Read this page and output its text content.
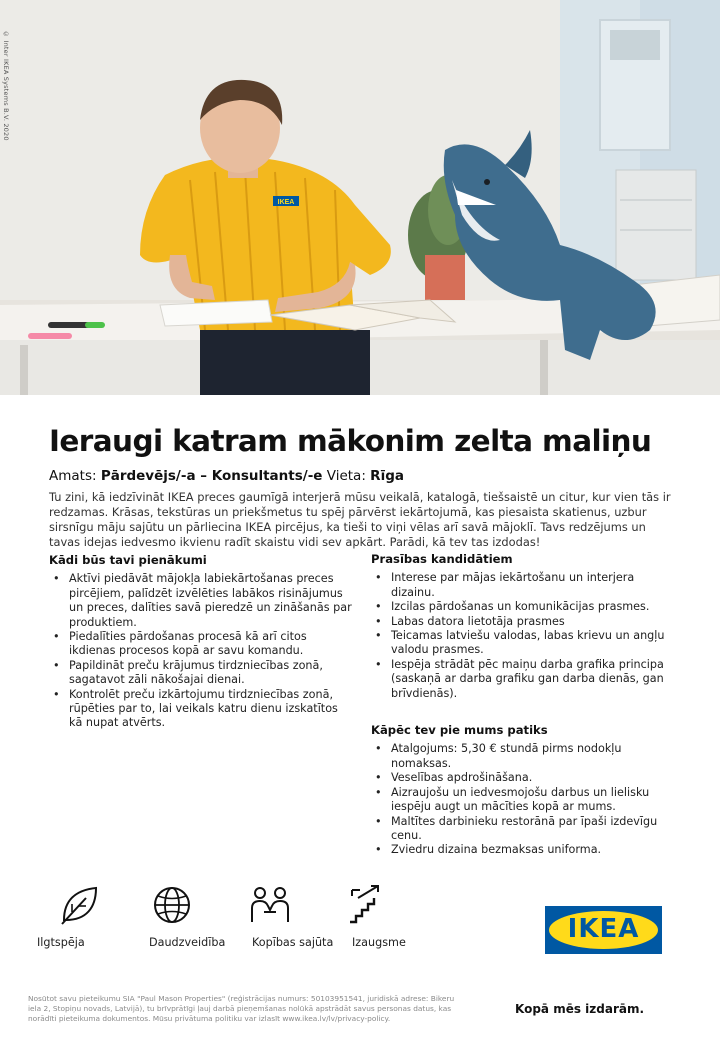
IKEA
© Inter IKEA Systems B.V. 2020
Ieraugi katram mākonim zelta maliņu
Amats: Pārdevējs/-a – Konsultants/-e Vieta: Rīga

Tu zini, kā iedzīvināt IKEA preces gaumīgā interjerā mūsu veikalā, katalogā, tiešsaistē un citur, kur vien tās ir redzamas. Krāsas, tekstūras un priekšmetus tu spēj pārvērst iekārtojumā, kas piesaista skatienus, uzbur sirsnīgu māju sajūtu un pārliecina IKEA pircējus, ka tieši to viņi vēlas arī savā mājoklī. Tavs redzējums un tavas idejas iedvesmo ikvienu radīt skaistu vidi sev apkārt. Parādi, kā tev tas izdodas!

Kādi būs tavi pienākumi
• Aktīvi piedāvāt mājokļa labiekārtošanas preces pircējiem, palīdzēt izvēlēties labākos risinājumus un preces, dalīties savā pieredzē un zināšanās par produktiem.
• Piedalīties pārdošanas procesā kā arī citos ikdienas procesos kopā ar savu komandu.
• Papildināt preču krājumus tirdzniecības zonā, sagatavot zāli nākošajai dienai.
• Kontrolēt preču izkārtojumu tirdzniecības zonā, rūpēties par to, lai veikals katru dienu izskatītos kā nupat atvērts.
Prasības kandidātiem
• Interese par mājas iekārtošanu un interjera dizainu.
• Izcilas pārdošanas un komunikācijas prasmes.
• Labas datora lietotāja prasmes
• Teicamas latviešu valodas, labas krievu un angļu valodu prasmes.
• Iespēja strādāt pēc maiņu darba grafika principa (saskaņā ar darba grafiku gan darba dienās, gan brīvdienās).
Kāpēc tev pie mums patiks
• Atalgojums: 5,30 € stundā pirms nodokļu nomaksas.
• Veselības apdrošināšana.
• Aizraujošu un iedvesmojošu darbus un lielisku iespēju augt un mācīties kopā ar mums.
• Maltītes darbinieku restorānā par īpaši izdevīgu cenu.
• Zviedru dizaina bezmaksas uniforma.
Ilgtspēja	Daudzveidība Kopības sajūta Izaugsme	IKEA

Nosūtot savu pieteikumu SIA "Paul Mason Properties" (reģistrācijas numurs: 50103951541, juridiskā adrese: Bikeru iela 2, Stopiņu novads, Latvijā), tu brīvprātīgi ļauj darbā pieņemšanas nolūkā apstrādāt savus personas datus, kas norādīti pieteikuma dokumentos. Mūsu privātuma politiku var izlasīt www.ikea.lv/lv/privacy-policy.

Kopā mēs izdarām.
